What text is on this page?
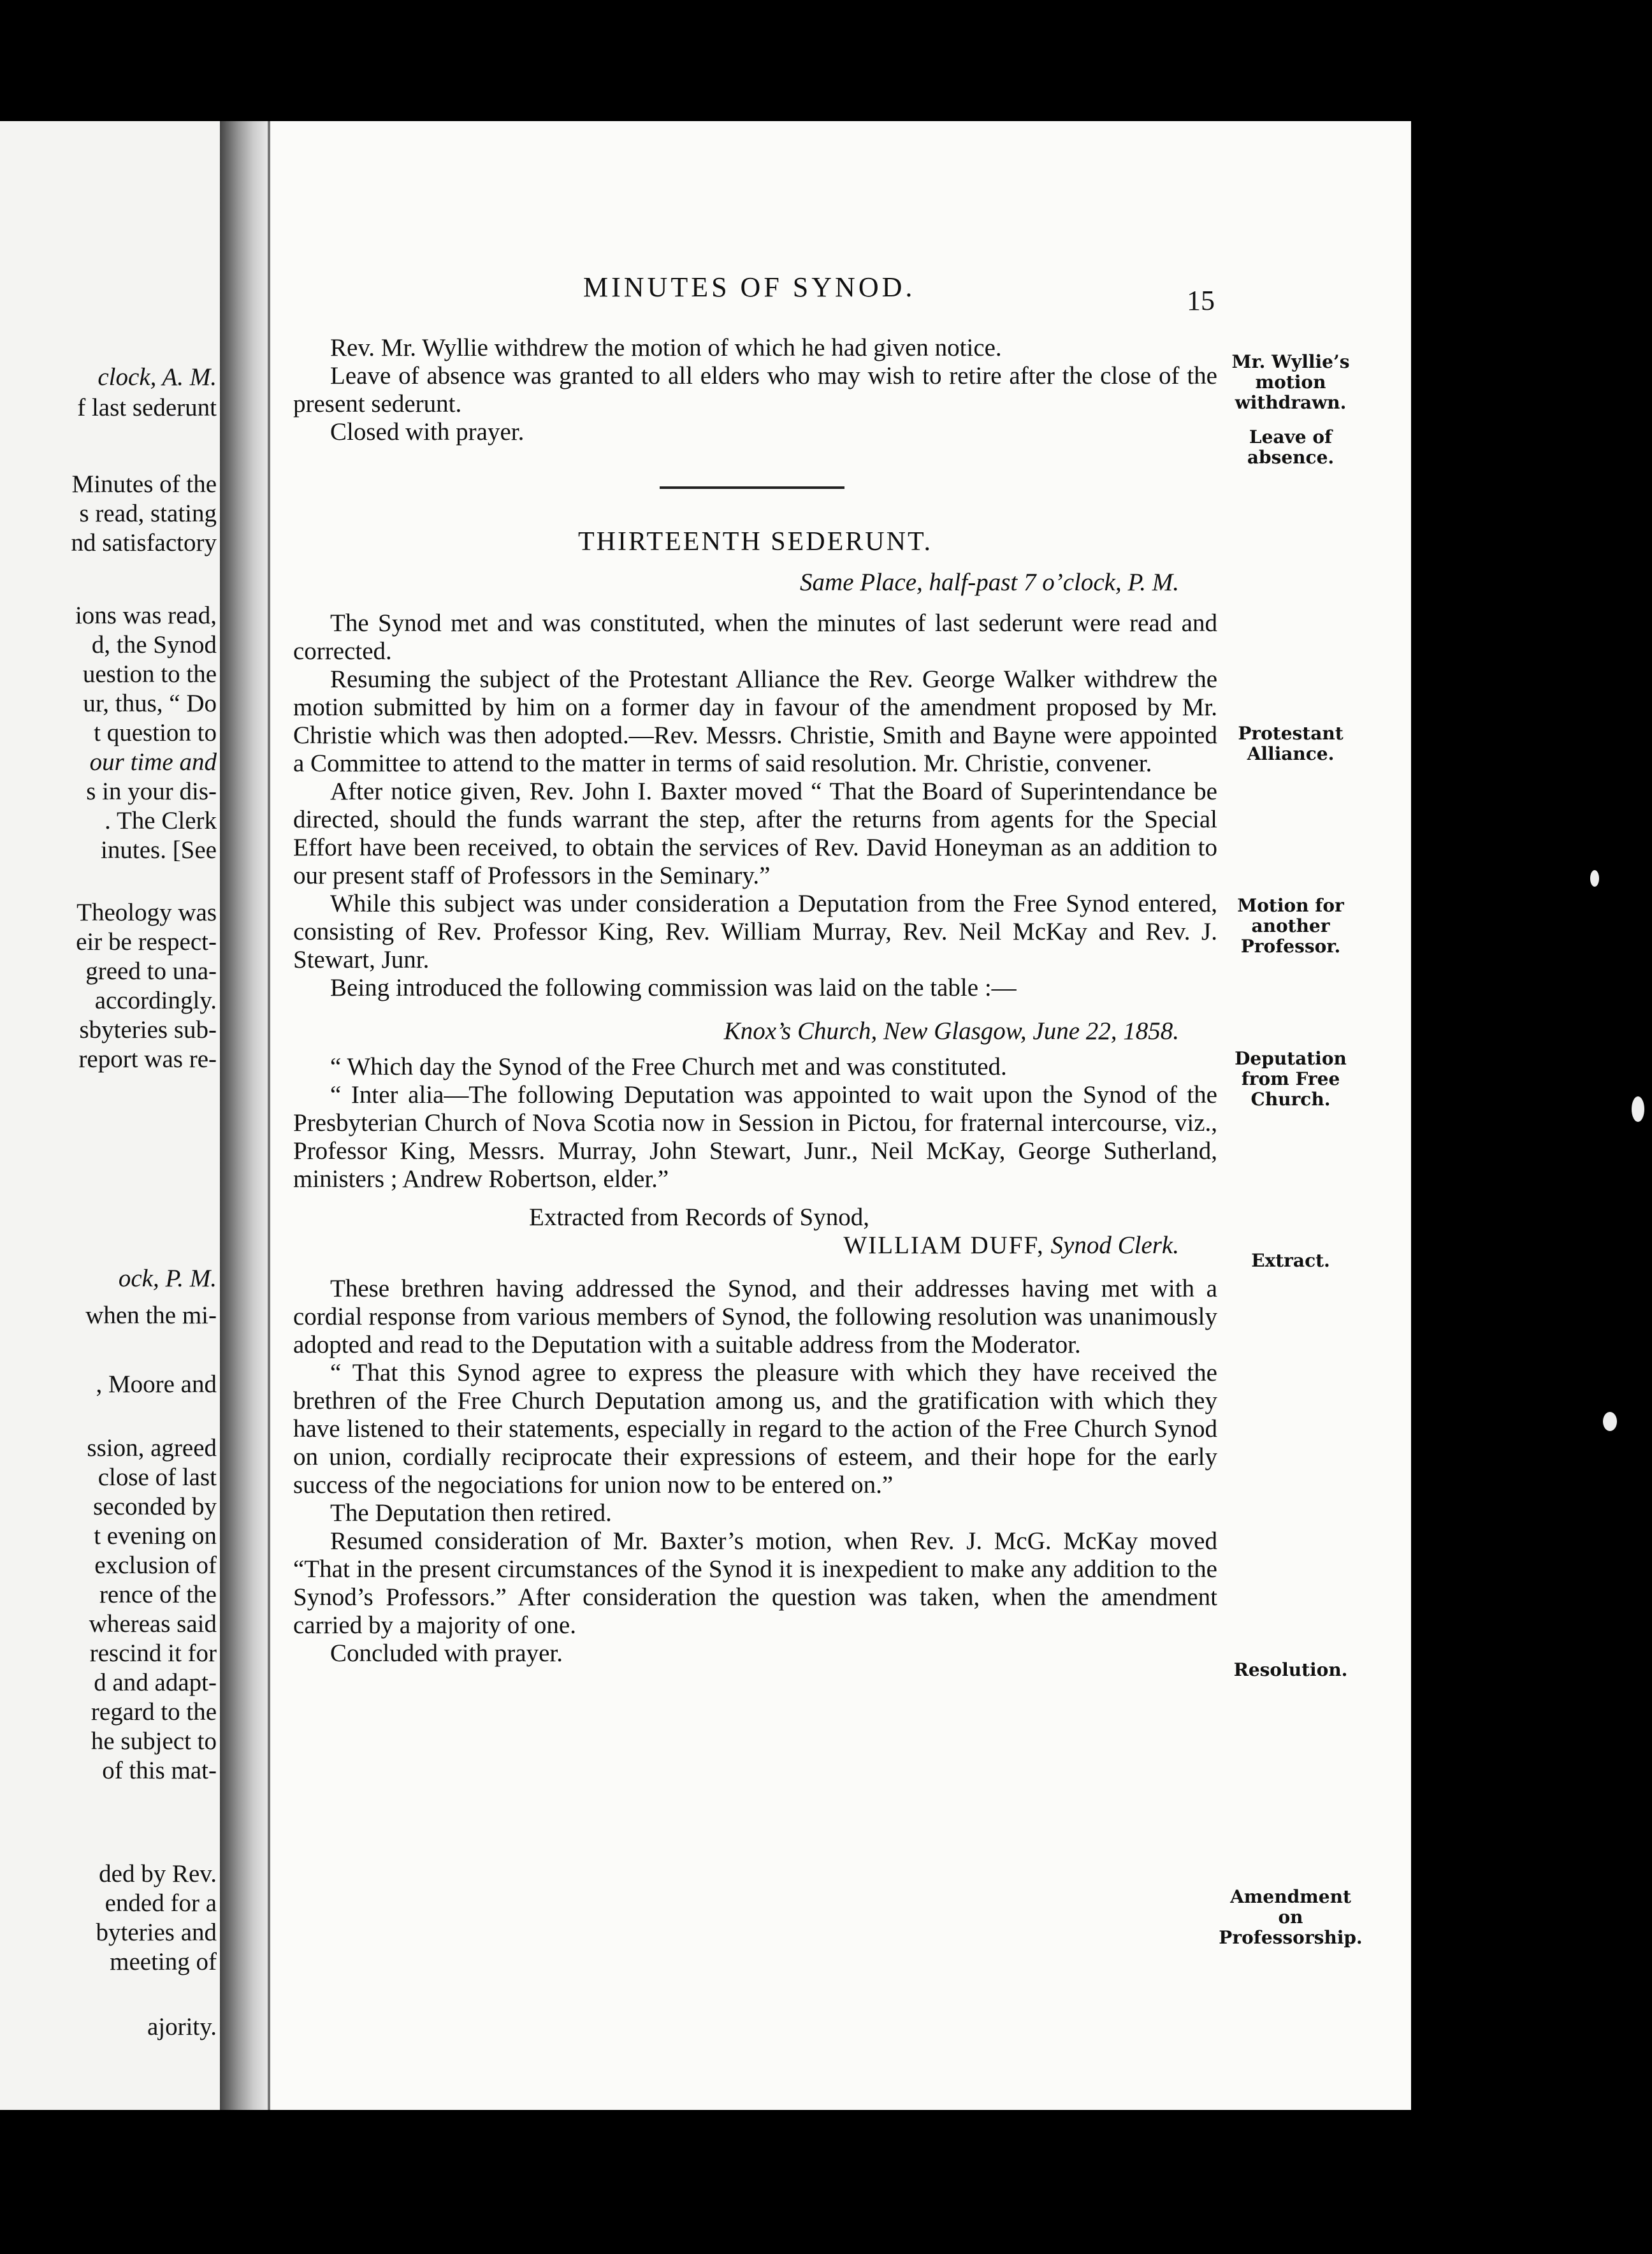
MINUTES OF SYNOD.	15

Rev. Mr. Wyllie withdrew the motion of which he had given notice.

Leave of absence was granted to all elders who may wish to retire after the close of the present sederunt.

Closed with prayer.

THIRTEENTH SEDERUNT.
Same Place, half-past 7 o’clock, P. M.

The Synod met and was constituted, when the minutes of last sederunt were read and corrected.

Resuming the subject of the Protestant Alliance the Rev. George Walker withdrew the motion submitted by him on a former day in favour of the amendment proposed by Mr. Christie which was then adopted.—Rev. Messrs. Christie, Smith and Bayne were appointed a Committee to attend to the matter in terms of said resolution. Mr. Christie, convener.

After notice given, Rev. John I. Baxter moved “ That the Board of Superintendance be directed, should the funds warrant the step, after the returns from agents for the Special Effort have been received, to obtain the services of Rev. David Honeyman as an addition to our present staff of Professors in the Seminary.”

While this subject was under consideration a Deputation from the Free Synod entered, consisting of Rev. Professor King, Rev. William Murray, Rev. Neil McKay and Rev. J. Stewart, Junr.

Being introduced the following commission was laid on the table :—

Knox’s Church, New Glasgow, June 22, 1858.

“ Which day the Synod of the Free Church met and was constituted.

“ Inter alia—The following Deputation was appointed to wait upon the Synod of the Presbyterian Church of Nova Scotia now in Session in Pictou, for fraternal intercourse, viz., Professor King, Messrs. Murray, John Stewart, Junr., Neil McKay, George Sutherland, ministers ; Andrew Robertson, elder.”

Extracted from Records of Synod,
WILLIAM DUFF, Synod Clerk.

These brethren having addressed the Synod, and their addresses having met with a cordial response from various members of Synod, the following resolution was unanimously adopted and read to the Deputation with a suitable address from the Moderator.

“ That this Synod agree to express the pleasure with which they have received the brethren of the Free Church Deputation among us, and the gratification with which they have listened to their statements, especially in regard to the action of the Free Church Synod on union, cordially reciprocate their expressions of esteem, and their hope for the early success of the negociations for union now to be entered on.”

The Deputation then retired.

Resumed consideration of Mr. Baxter’s motion, when Rev. J. McG. McKay moved “That in the present circumstances of the Synod it is inexpedient to make any addition to the Synod’s Professors.” After consideration the question was taken, when the amendment carried by a majority of one.

Concluded with prayer.

Mr. Wyllie’s motion withdrawn.
Leave of absence.
Protestant Alliance.
Motion for another Professor.
Deputation from Free Church.
Extract.
Resolution.
Amendment on Professorship.
clock, A. M.
f last sederunt
Minutes of the
s read, stating
nd satisfactory
ions was read,
d, the Synod
uestion to the
ur, thus, “ Do
t question to
our time and
s in your dis-
. The Clerk
inutes. [See
Theology was
eir be respect-
greed to una-
accordingly.
sbyteries sub-
report was re-
ock, P. M.
when the mi-
, Moore and
ssion, agreed
close of last
seconded by
t evening on
exclusion of
rence of the
whereas said
rescind it for
d and adapt-
regard to the
he subject to
of this mat-
ded by Rev.
ended for a
byteries and
meeting of
ajority.
